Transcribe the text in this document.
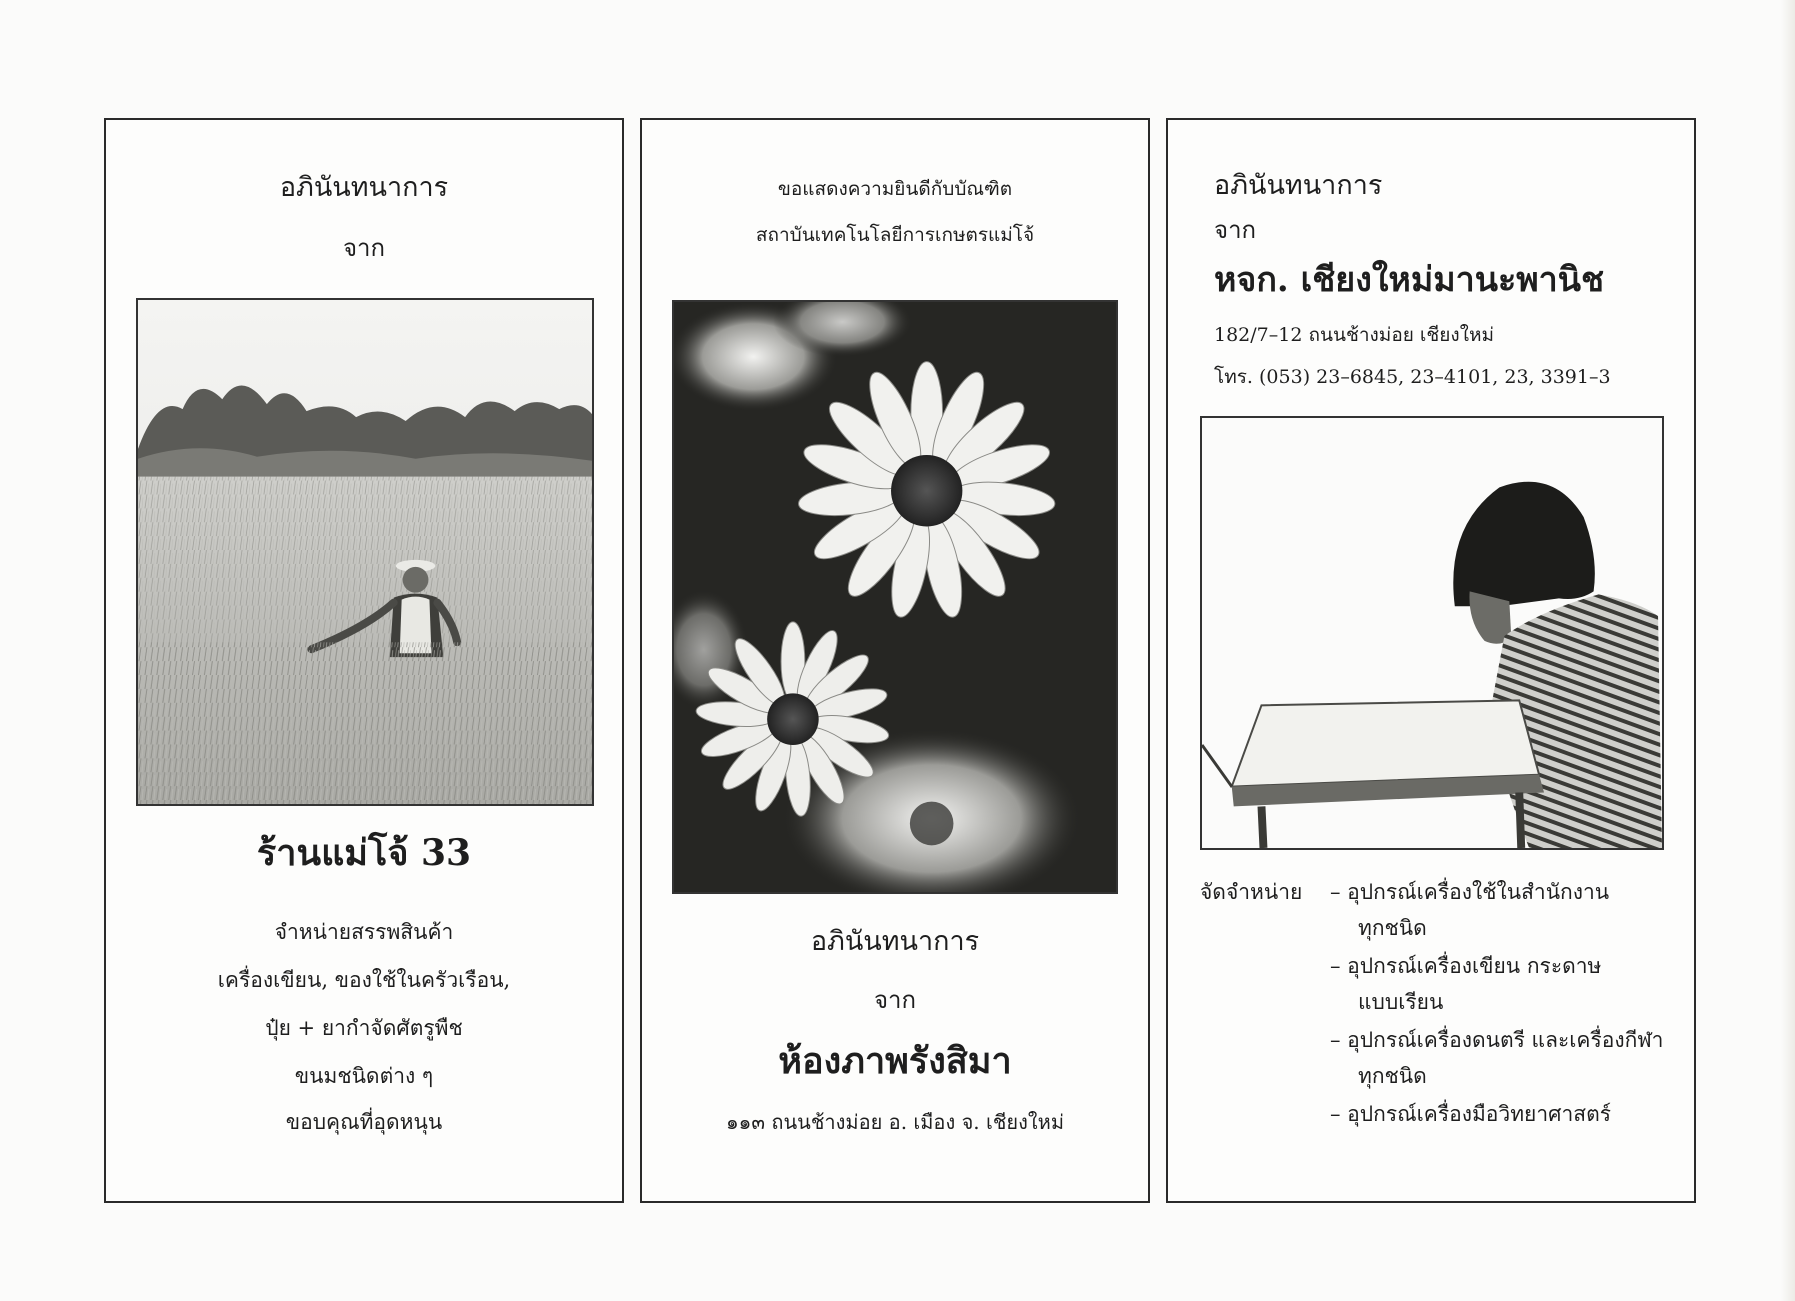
อภินันทนาการ
จาก
ร้านแม่โจ้ 33
จำหน่ายสรรพสินค้า
เครื่องเขียน, ของใช้ในครัวเรือน,
ปุ๋ย + ยากำจัดศัตรูพืช
ขนมชนิดต่าง ๆ
ขอบคุณที่อุดหนุน
ขอแสดงความยินดีกับบัณฑิต
สถาบันเทคโนโลยีการเกษตรแม่โจ้
อภินันทนาการ
จาก
ห้องภาพรังสิมา
๑๑๓ ถนนช้างม่อย อ. เมือง จ. เชียงใหม่
อภินันทนาการ
จาก
หจก. เชียงใหม่มานะพานิช
182/7–12 ถนนช้างม่อย เชียงใหม่
โทร. (053) 23–6845, 23–4101, 23, 3391–3
จัดจำหน่าย – อุปกรณ์เครื่องใช้ในสำนักงาน
ทุกชนิด
– อุปกรณ์เครื่องเขียน กระดาษ
แบบเรียน
– อุปกรณ์เครื่องดนตรี และเครื่องกีฬา
ทุกชนิด
– อุปกรณ์เครื่องมือวิทยาศาสตร์
